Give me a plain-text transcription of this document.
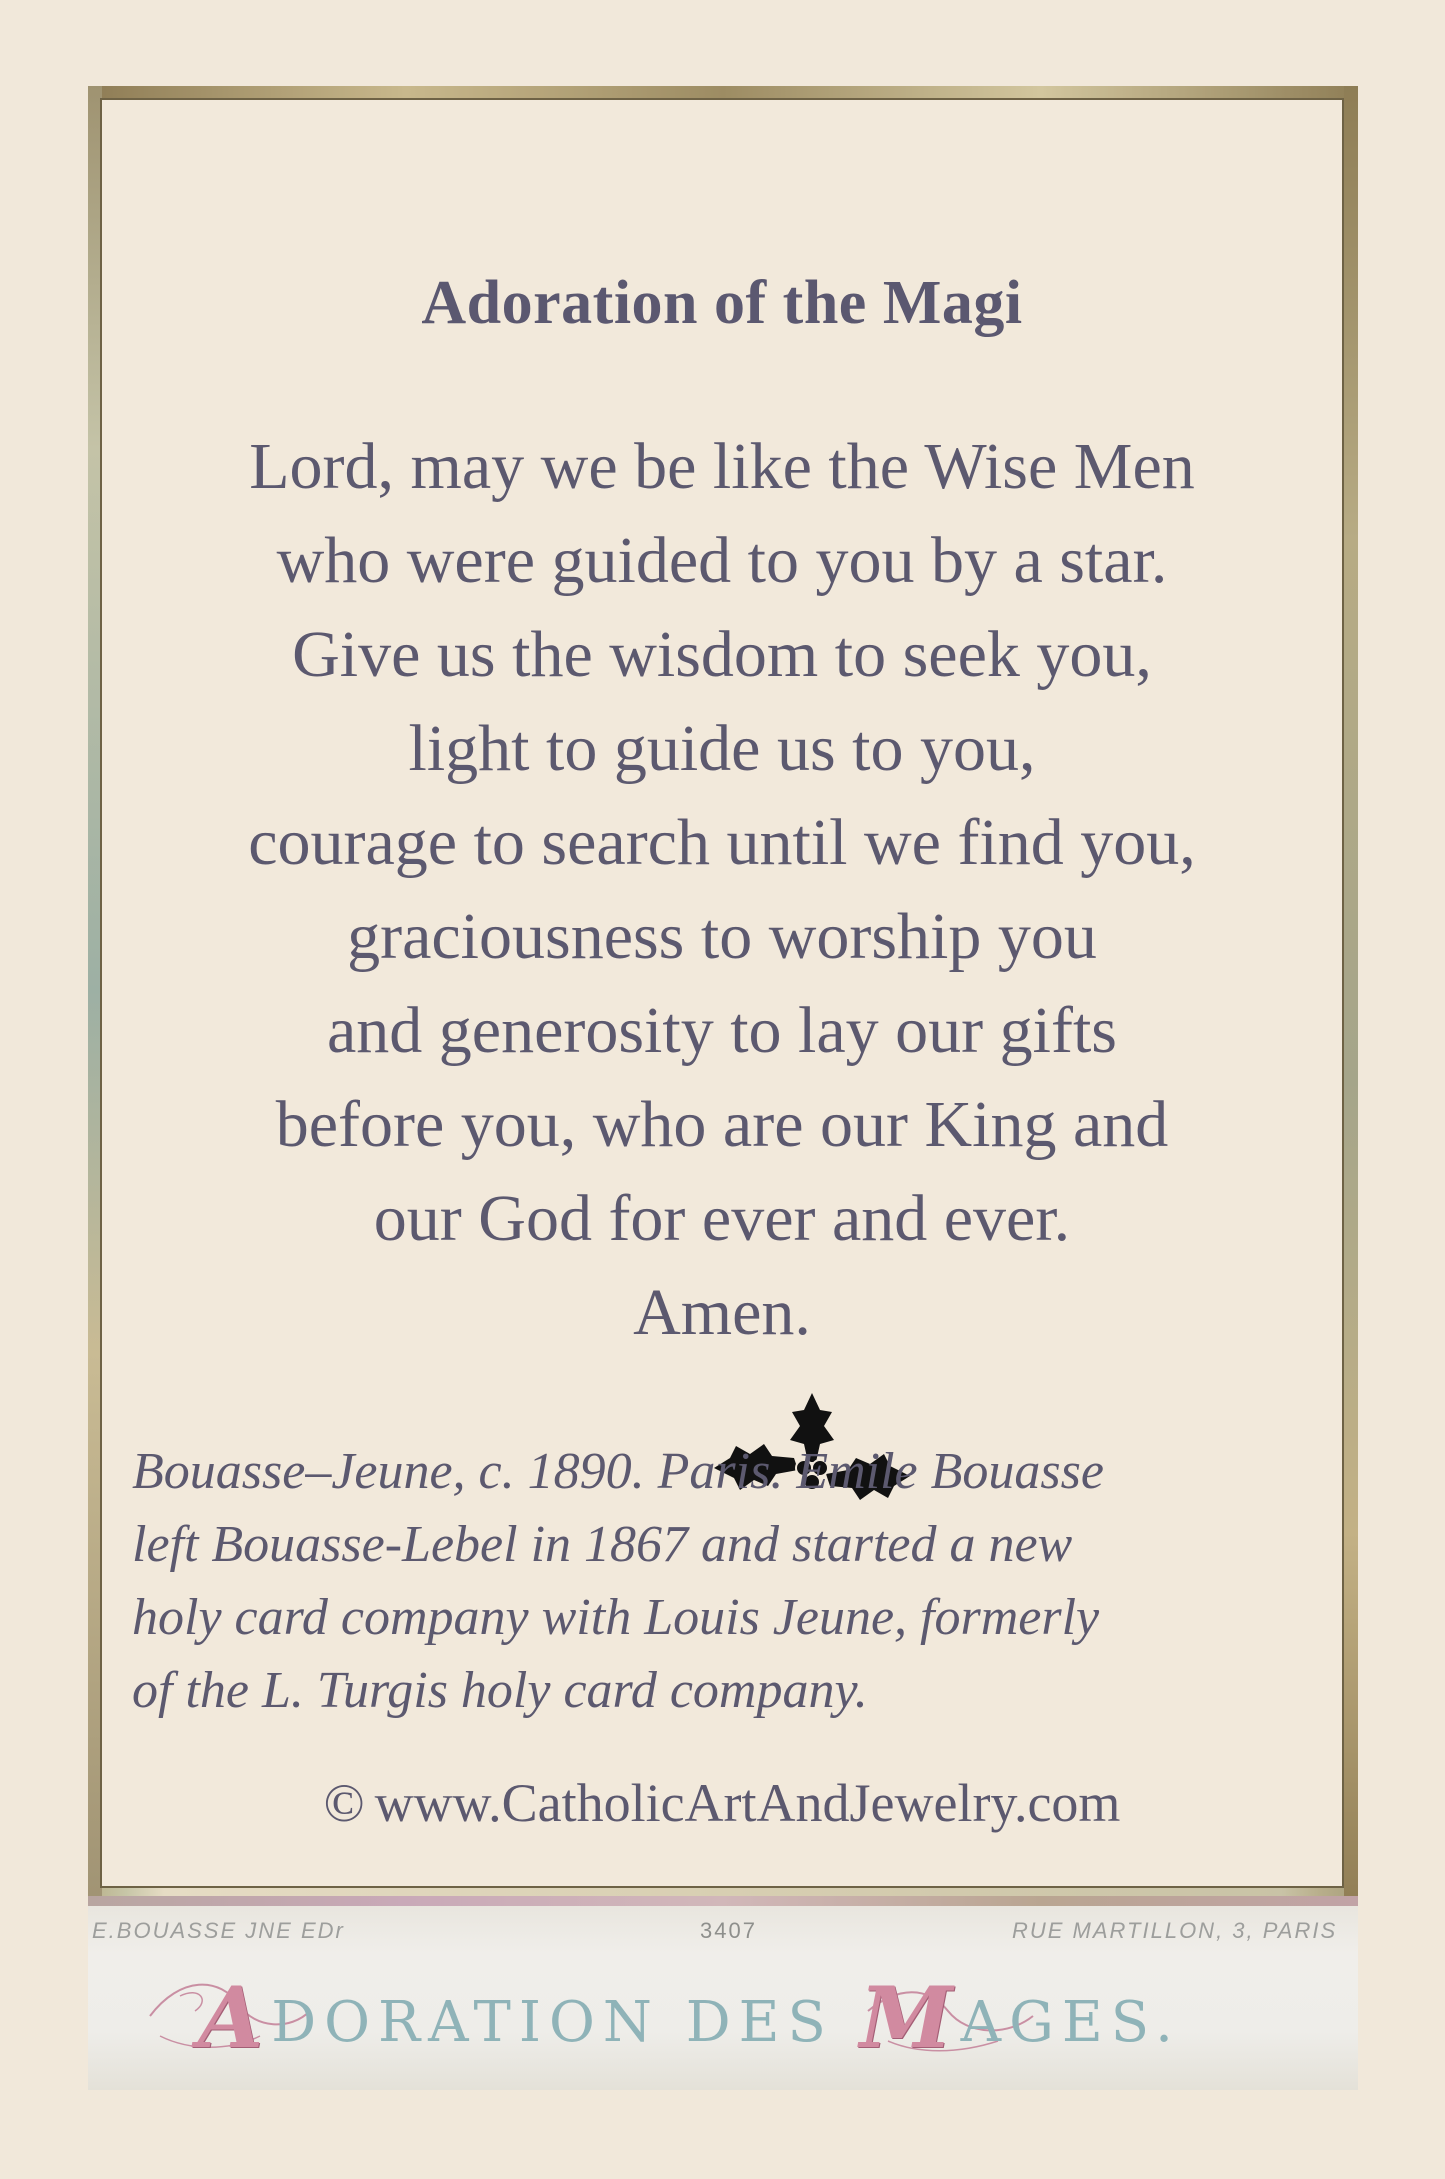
Adoration of the Magi
Lord, may we be like the Wise Men
who were guided to you by a star.
Give us the wisdom to seek you,
light to guide us to you,
courage to search until we find you,
graciousness to worship you
and generosity to lay our gifts
before you, who are our King and
our God for ever and ever.
Amen.
Bouasse–Jeune, c. 1890. Paris. Emile Bouasse
left Bouasse-Lebel in 1867 and started a new
holy card company with Louis Jeune, formerly
of the L. Turgis holy card company.
© www.CatholicArtAndJewelry.com
E.BOUASSE JNE EDr	3407	RUE MARTILLON, 3, PARIS
ADORATION DES MAGES.
